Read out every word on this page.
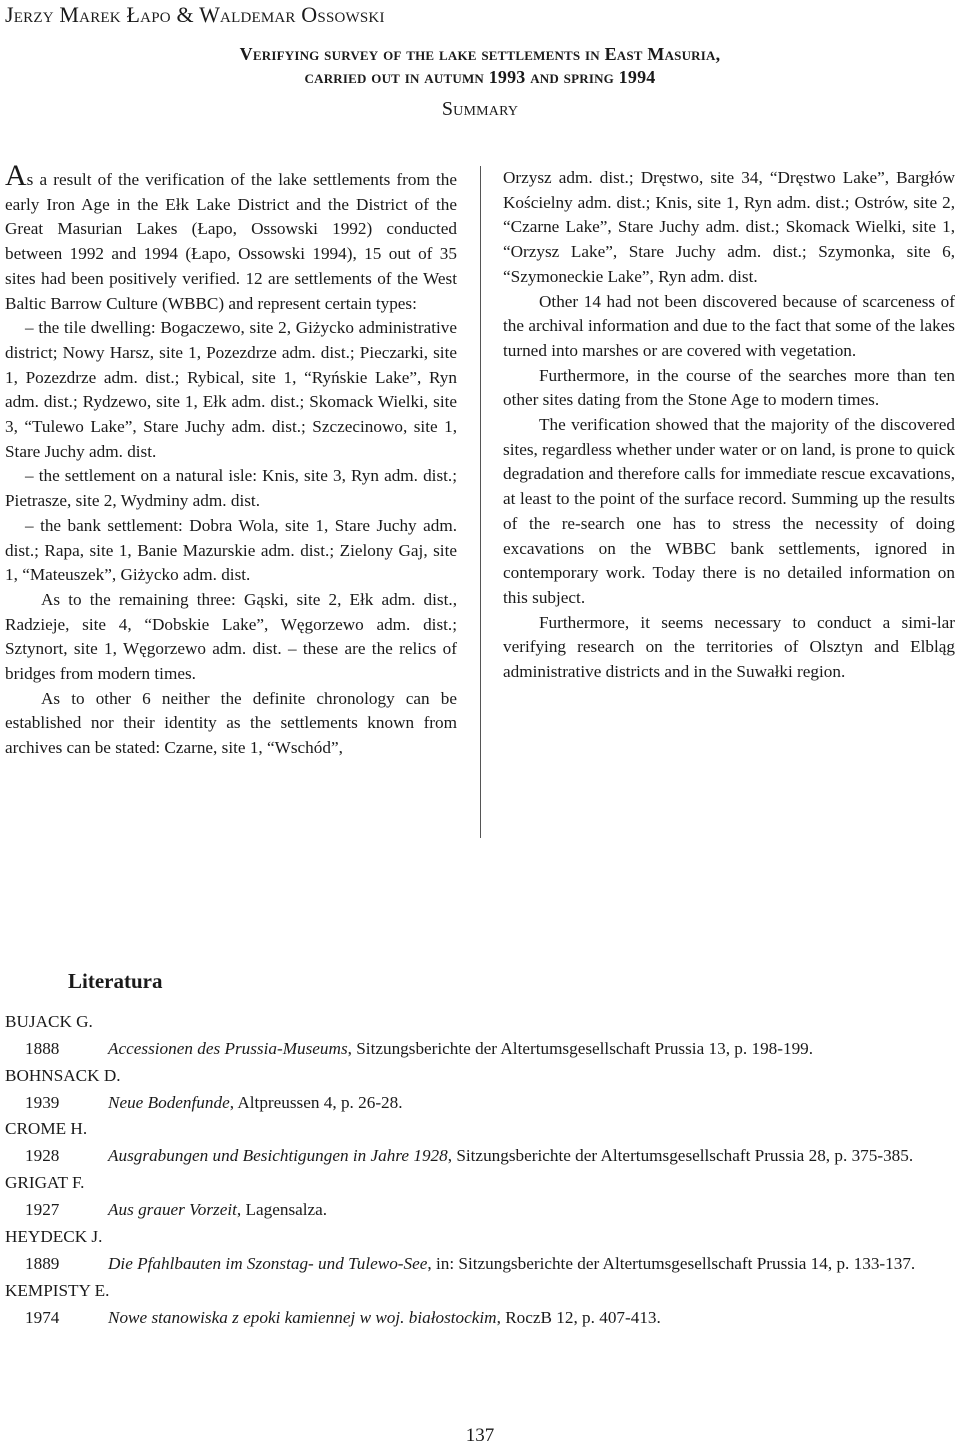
Jerzy Marek Łapo & Waldemar Ossowski
Verifying survey of the lake settlements in East Masuria,
carried out in autumn 1993 and spring 1994
Summary

As a result of the verification of the lake settlements from the early Iron Age in the Ełk Lake District and the District of the Great Masurian Lakes (Łapo, Ossowski 1992) conducted between 1992 and 1994 (Łapo, Ossowski 1994), 15 out of 35 sites had been positively verified. 12 are settlements of the West Baltic Barrow Culture (WBBC) and represent certain types:

– the tile dwelling: Bogaczewo, site 2, Giżycko administrative district; Nowy Harsz, site 1, Pozezdrze adm. dist.; Pieczarki, site 1, Pozezdrze adm. dist.; Rybical, site 1, “Ryńskie Lake”, Ryn adm. dist.; Rydzewo, site 1, Ełk adm. dist.; Skomack Wielki, site 3, “Tulewo Lake”, Stare Juchy adm. dist.; Szczecinowo, site 1, Stare Juchy adm. dist.

– the settlement on a natural isle: Knis, site 3, Ryn adm. dist.; Pietrasze, site 2, Wydminy adm. dist.

– the bank settlement: Dobra Wola, site 1, Stare Juchy adm. dist.; Rapa, site 1, Banie Mazurskie adm. dist.; Zielony Gaj, site 1, “Mateuszek”, Giżycko adm. dist.

As to the remaining three: Gąski, site 2, Ełk adm. dist., Radzieje, site 4, “Dobskie Lake”, Węgorzewo adm. dist.; Sztynort, site 1, Węgorzewo adm. dist. – these are the relics of bridges from modern times.

As to other 6 neither the definite chronology can be established nor their identity as the settlements known from archives can be stated: Czarne, site 1, “Wschód”,

Orzysz adm. dist.; Dręstwo, site 34, “Dręstwo Lake”, Bargłów Kościelny adm. dist.; Knis, site 1, Ryn adm. dist.; Ostrów, site 2, “Czarne Lake”, Stare Juchy adm. dist.; Skomack Wielki, site 1, “Orzysz Lake”, Stare Juchy adm. dist.; Szymonka, site 6, “Szymoneckie Lake”, Ryn adm. dist.

Other 14 had not been discovered because of scarceness of the archival information and due to the fact that some of the lakes turned into marshes or are covered with vegetation.

Furthermore, in the course of the searches more than ten other sites dating from the Stone Age to modern times.

The verification showed that the majority of the discovered sites, regardless whether under water or on land, is prone to quick degradation and therefore calls for immediate rescue excavations, at least to the point of the surface record. Summing up the results of the re-search one has to stress the necessity of doing excavations on the WBBC bank settlements, ignored in contemporary work. Today there is no detailed information on this subject.

Furthermore, it seems necessary to conduct a simi-lar verifying research on the territories of Olsztyn and Elbląg administrative districts and in the Suwałki region.

Literatura
BUJACK G.
1888	Accessionen des Prussia-Museums, Sitzungsberichte der Altertumsgesellschaft Prussia 13, p. 198-199.
BOHNSACK D.
1939	Neue Bodenfunde, Altpreussen 4, p. 26-28.
CROME H.
1928	Ausgrabungen und Besichtigungen in Jahre 1928, Sitzungsberichte der Altertumsgesellschaft Prussia 28, p. 375-385.
GRIGAT F.
1927	Aus grauer Vorzeit, Lagensalza.
HEYDECK J.
1889	Die Pfahlbauten im Szonstag- und Tulewo-See, in: Sitzungsberichte der Altertumsgesellschaft Prussia 14, p. 133-137.
KEMPISTY E.
1974	Nowe stanowiska z epoki kamiennej w woj. białostockim, RoczB 12, p. 407-413.
137
